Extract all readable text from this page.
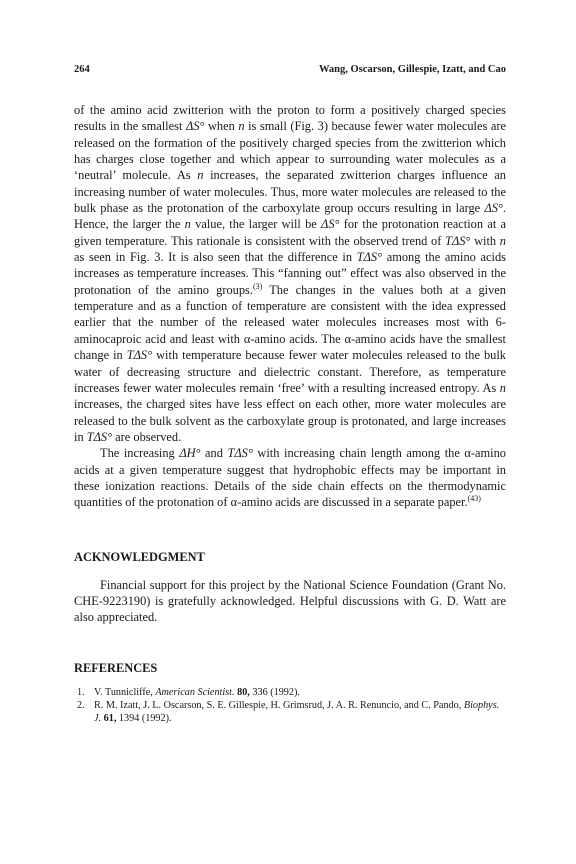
264	Wang, Oscarson, Gillespie, Izatt, and Cao

of the amino acid zwitterion with the proton to form a positively charged species results in the smallest ΔS° when n is small (Fig. 3) because fewer water molecules are released on the formation of the positively charged species from the zwitterion which has charges close together and which appear to surrounding water molecules as a ‘neutral’ molecule. As n increases, the separated zwitterion charges influence an increasing number of water molecules. Thus, more water molecules are released to the bulk phase as the protonation of the carboxylate group occurs resulting in large ΔS°. Hence, the larger the n value, the larger will be ΔS° for the protonation reaction at a given temperature. This rationale is consistent with the observed trend of TΔS° with n as seen in Fig. 3. It is also seen that the difference in TΔS° among the amino acids increases as temperature increases. This “fanning out” effect was also observed in the protonation of the amino groups.$^{(3)}$ The changes in the values both at a given temperature and as a function of temperature are consistent with the idea expressed earlier that the number of the released water molecules increases most with 6-aminocaproic acid and least with α-amino acids. The α-amino acids have the smallest change in TΔS° with temperature because fewer water molecules released to the bulk water of decreasing structure and dielectric constant. Therefore, as temperature increases fewer water molecules remain ‘free’ with a resulting increased entropy. As n increases, the charged sites have less effect on each other, more water molecules are released to the bulk solvent as the carboxylate group is protonated, and large increases in TΔS° are observed.

The increasing ΔH° and TΔS° with increasing chain length among the α-amino acids at a given temperature suggest that hydrophobic effects may be important in these ionization reactions. Details of the side chain effects on the thermodynamic quantities of the protonation of α-amino acids are discussed in a separate paper.$^{(43)}$

ACKNOWLEDGMENT

Financial support for this project by the National Science Foundation (Grant No. CHE-9223190) is gratefully acknowledged. Helpful discussions with G. D. Watt are also appreciated.

REFERENCES
1. V. Tunnicliffe, American Scientist. 80, 336 (1992).
2. R. M. Izatt, J. L. Oscarson, S. E. Gillespie, H. Grimsrud, J. A. R. Renuncio, and C. Pando, Biophys. J. 61, 1394 (1992).
